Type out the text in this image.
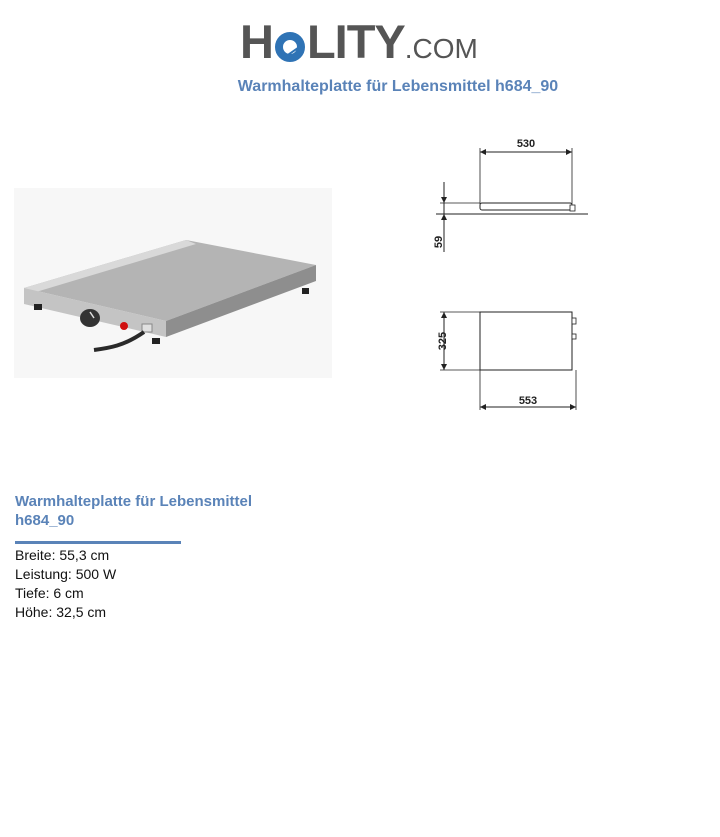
H LITY.COM
Warmhalteplatte für Lebensmittel h684_90
530
59
325
553
Warmhalteplatte für Lebensmittel h684_90
Breite: 55,3 cm
Leistung: 500 W
Tiefe: 6 cm
Höhe: 32,5 cm
